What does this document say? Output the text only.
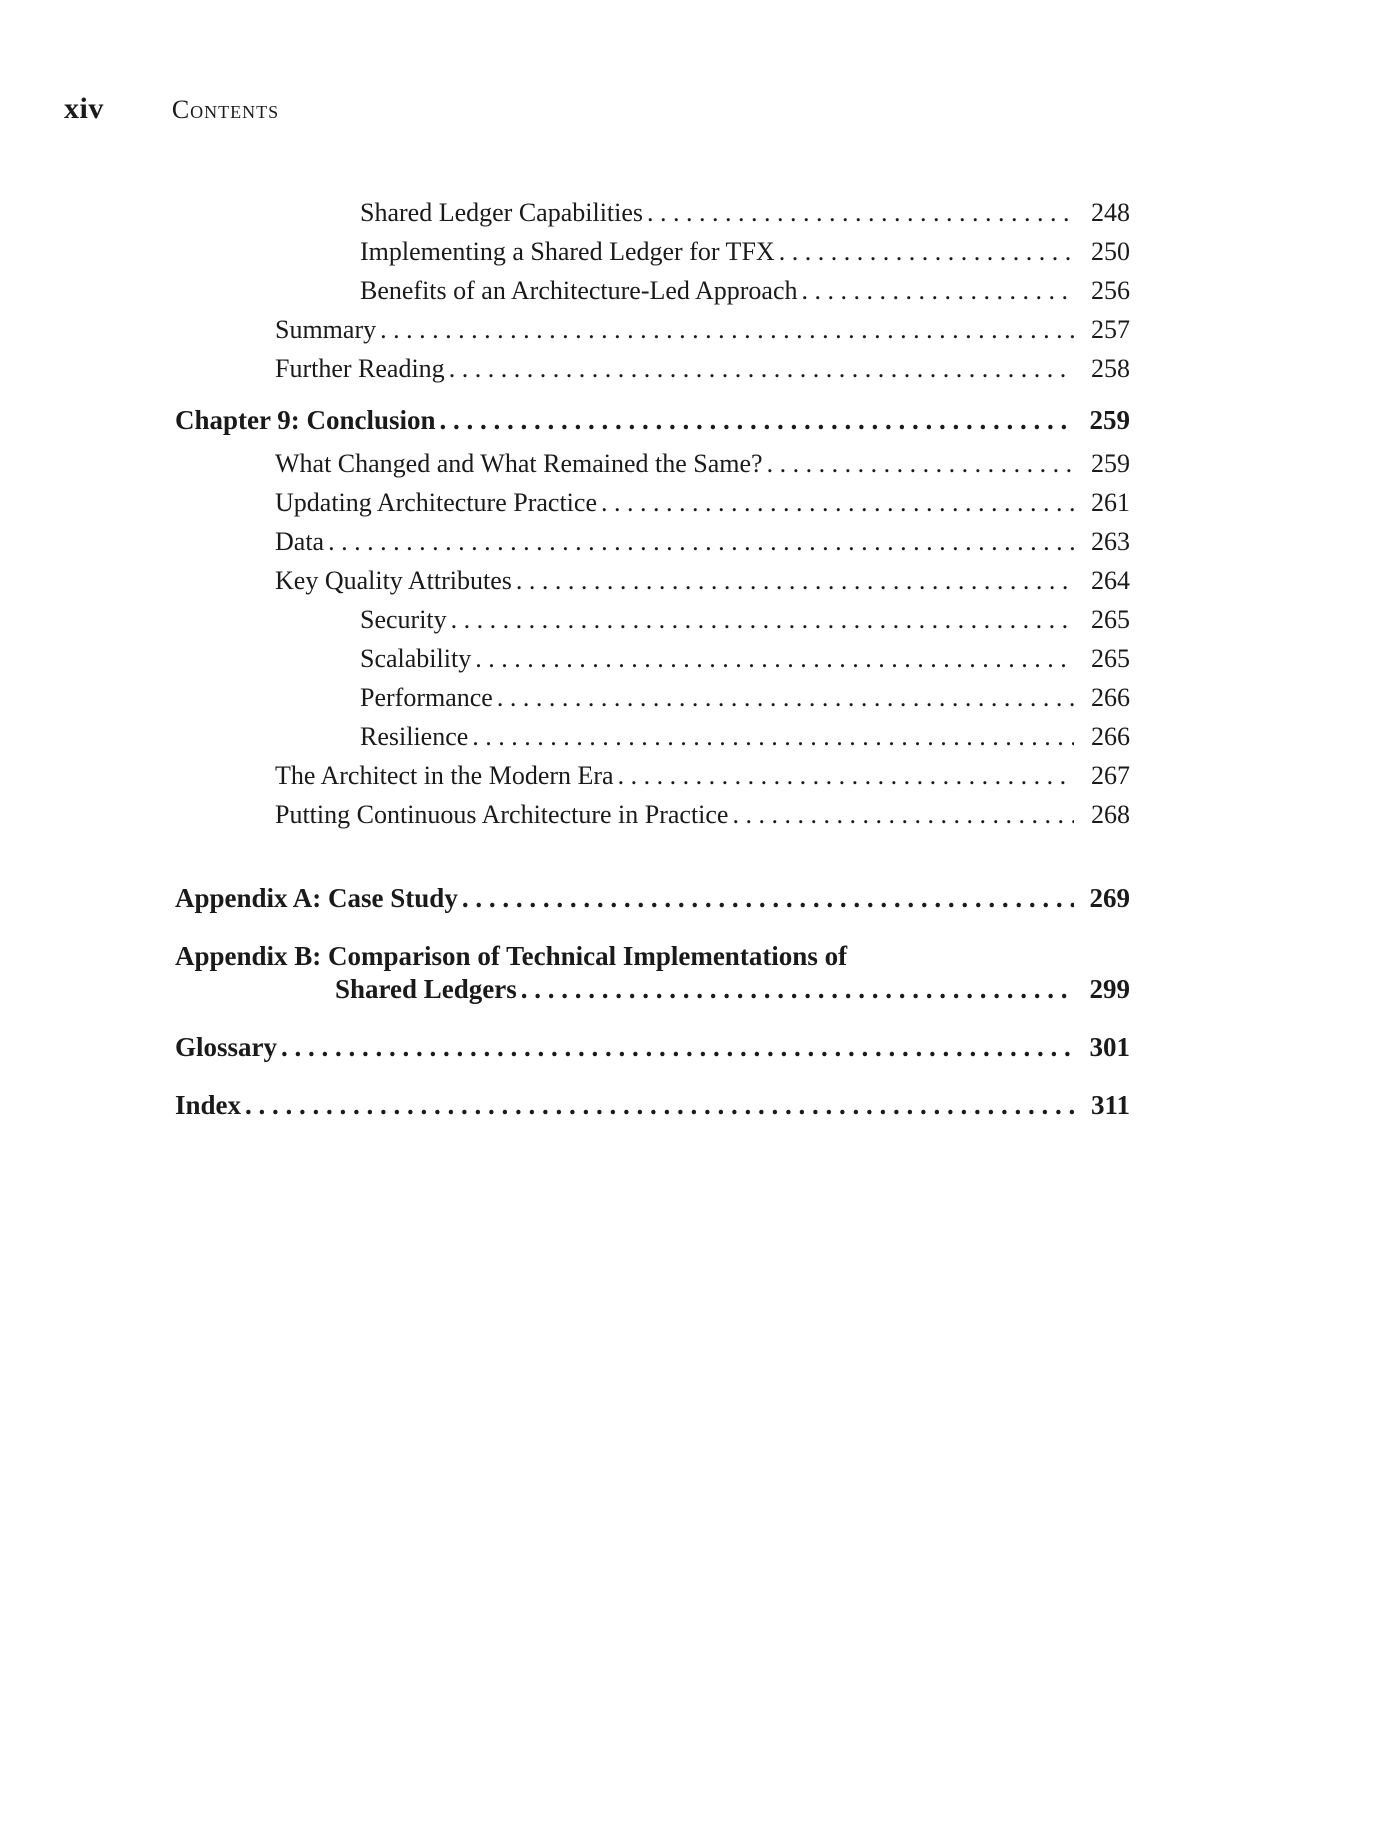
xiv	Contents
Shared Ledger Capabilities . . .	248
Implementing a Shared Ledger for TFX . . .	250
Benefits of an Architecture-Led Approach . . .	256
Summary . . .	257
Further Reading . . .	258
Chapter 9: Conclusion . . .	259
What Changed and What Remained the Same? . . .	259
Updating Architecture Practice . . .	261
Data . . .	263
Key Quality Attributes . . .	264
Security . . .	265
Scalability . . .	265
Performance . . .	266
Resilience . . .	266
The Architect in the Modern Era . . .	267
Putting Continuous Architecture in Practice . . .	268
Appendix A: Case Study . . .	269
Appendix B: Comparison of Technical Implementations of
Shared Ledgers . . .	299
Glossary . . .	301
Index . . .	311
